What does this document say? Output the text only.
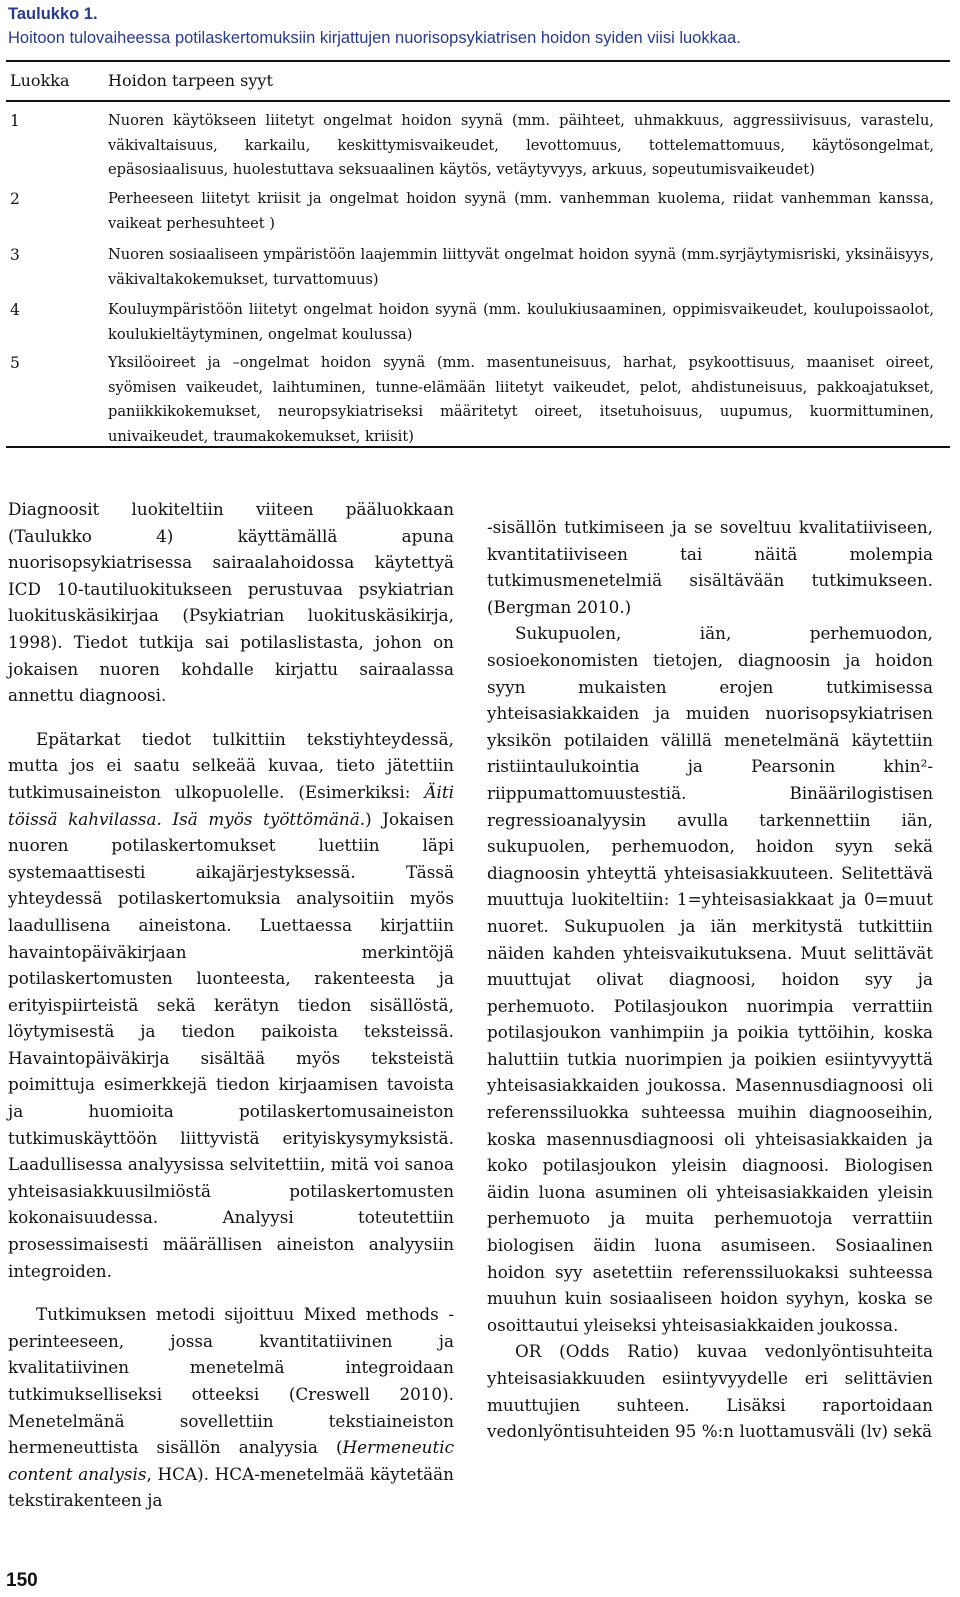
Taulukko 1.
Hoitoon tulovaiheessa potilaskertomuksiin kirjattujen nuorisopsykiatrisen hoidon syiden viisi luokkaa.
Luokka Hoidon tarpeen syyt
1	Nuoren käytökseen liitetyt ongelmat hoidon syynä (mm. päihteet, uhmakkuus, aggressiivisuus, varastelu, väkivaltaisuus, karkailu, keskittymisvaikeudet, levottomuus, tottelemattomuus, käytösongelmat, epäsosiaalisuus, huolestuttava seksuaalinen käytös, vetäytyvyys, arkuus, sopeutumisvaikeudet)
2	Perheeseen liitetyt kriisit ja ongelmat hoidon syynä (mm. vanhemman kuolema, riidat vanhemman kanssa, vaikeat perhesuhteet )
3	Nuoren sosiaaliseen ympäristöön laajemmin liittyvät ongelmat hoidon syynä (mm.syrjäytymisriski, yksinäisyys, väkivaltakokemukset, turvattomuus)
4	Kouluympäristöön liitetyt ongelmat hoidon syynä (mm. koulukiusaaminen, oppimisvaikeudet, koulupoissaolot, koulukieltäytyminen, ongelmat koulussa)
5	Yksilöoireet ja –ongelmat hoidon syynä (mm. masentuneisuus, harhat, psykoottisuus, maaniset oireet, syömisen vaikeudet, laihtuminen, tunne-elämään liitetyt vaikeudet, pelot, ahdistuneisuus, pakkoajatukset, paniikkikokemukset, neuropsykiatriseksi määritetyt oireet, itsetuhoisuus, uupumus, kuormittuminen, univaikeudet, traumakokemukset, kriisit)

Diagnoosit luokiteltiin viiteen pääluokkaan (Taulukko 4) käyttämällä apuna nuorisopsykiatrisessa sairaalahoidossa käytettyä ICD 10-tautiluokitukseen perustuvaa psykiatrian luokituskäsikirjaa (Psykiatrian luokituskäsikirja, 1998). Tiedot tutkija sai potilaslistasta, johon on jokaisen nuoren kohdalle kirjattu sairaalassa annettu diagnoosi.

Epätarkat tiedot tulkittiin tekstiyhteydessä, mutta jos ei saatu selkeää kuvaa, tieto jätettiin tutkimusaineiston ulkopuolelle. (Esimerkiksi: Äiti töissä kahvilassa. Isä myös työttömänä.) Jokaisen nuoren potilaskertomukset luettiin läpi systemaattisesti aikajärjestyksessä. Tässä yhteydessä potilaskertomuksia analysoitiin myös laadullisena aineistona. Luettaessa kirjattiin havaintopäiväkirjaan merkintöjä potilaskertomusten luonteesta, rakenteesta ja erityispiirteistä sekä kerätyn tiedon sisällöstä, löytymisestä ja tiedon paikoista teksteissä. Havaintopäiväkirja sisältää myös teksteistä poimittuja esimerkkejä tiedon kirjaamisen tavoista ja huomioita potilaskertomusaineiston tutkimuskäyttöön liittyvistä erityiskysymyksistä. Laadullisessa analyysissa selvitettiin, mitä voi sanoa yhteisasiakkuusilmiöstä potilaskertomusten kokonaisuudessa. Analyysi toteutettiin prosessimaisesti määrällisen aineiston analyysiin integroiden.

Tutkimuksen metodi sijoittuu Mixed methods -perinteeseen, jossa kvantitatiivinen ja kvalitatiivinen menetelmä integroidaan tutkimukselliseksi otteeksi (Creswell 2010). Menetelmänä sovellettiin tekstiaineiston hermeneuttista sisällön analyysia (Hermeneutic content analysis, HCA). HCA-menetelmää käytetään tekstirakenteen ja

-sisällön tutkimiseen ja se soveltuu kvalitatiiviseen, kvantitatiiviseen tai näitä molempia tutkimusmenetelmiä sisältävään tutkimukseen. (Bergman 2010.)

Sukupuolen, iän, perhemuodon, sosioekonomisten tietojen, diagnoosin ja hoidon syyn mukaisten erojen tutkimisessa yhteisasiakkaiden ja muiden nuorisopsykiatrisen yksikön potilaiden välillä menetelmänä käytettiin ristiintaulukointia ja Pearsonin khin²-riippumattomuustestiä. Binäärilogistisen regressioanalyysin avulla tarkennettiin iän, sukupuolen, perhemuodon, hoidon syyn sekä diagnoosin yhteyttä yhteisasiakkuuteen. Selitettävä muuttuja luokiteltiin: 1=yhteisasiakkaat ja 0=muut nuoret. Sukupuolen ja iän merkitystä tutkittiin näiden kahden yhteisvaikutuksena. Muut selittävät muuttujat olivat diagnoosi, hoidon syy ja perhemuoto. Potilasjoukon nuorimpia verrattiin potilasjoukon vanhimpiin ja poikia tyttöihin, koska haluttiin tutkia nuorimpien ja poikien esiintyvyyttä yhteisasiakkaiden joukossa. Masennusdiagnoosi oli referenssiluokka suhteessa muihin diagnooseihin, koska masennusdiagnoosi oli yhteisasiakkaiden ja koko potilasjoukon yleisin diagnoosi. Biologisen äidin luona asuminen oli yhteisasiakkaiden yleisin perhemuoto ja muita perhemuotoja verrattiin biologisen äidin luona asumiseen. Sosiaalinen hoidon syy asetettiin referenssiluokaksi suhteessa muuhun kuin sosiaaliseen hoidon syyhyn, koska se osoittautui yleiseksi yhteisasiakkaiden joukossa.

OR (Odds Ratio) kuvaa vedonlyöntisuhteita yhteisasiakkuuden esiintyvyydelle eri selittävien muuttujien suhteen. Lisäksi raportoidaan vedonlyöntisuhteiden 95 %:n luottamusväli (lv) sekä

150
